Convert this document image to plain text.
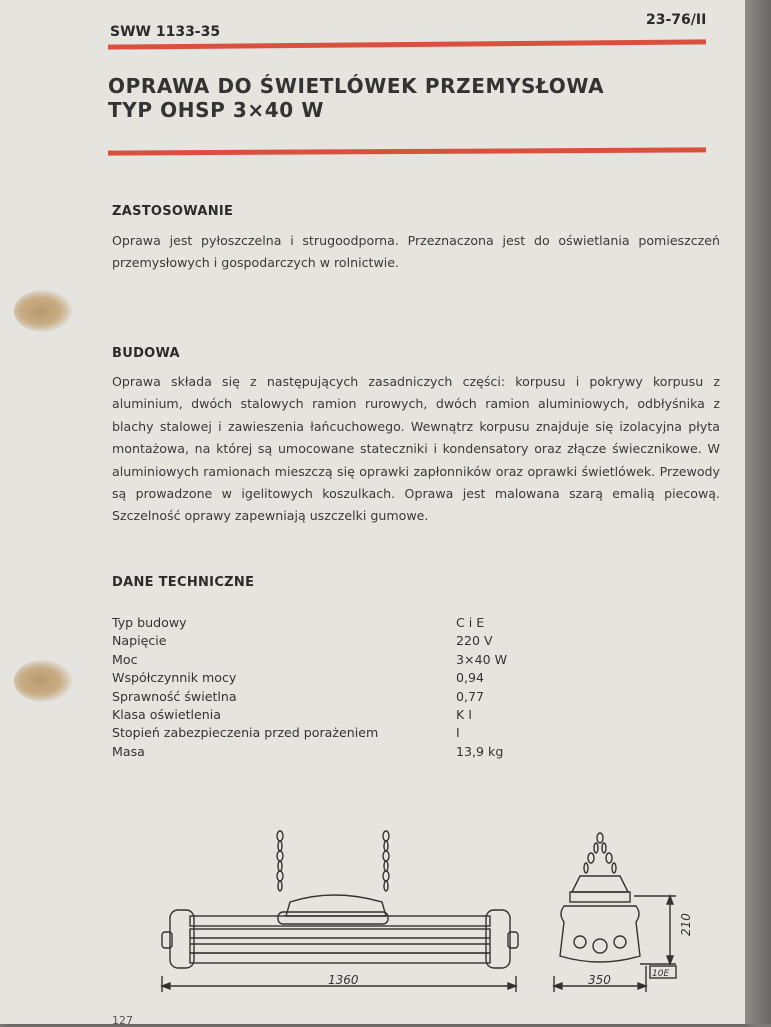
SWW 1133-35
23-76/II
OPRAWA DO ŚWIETLÓWEK PRZEMYSŁOWA
TYP OHSP 3×40 W
ZASTOSOWANIE
Oprawa jest pyłoszczelna i strugoodporna. Przeznaczona jest do oświetlania pomieszczeń przemysłowych i gospodarczych w rolnictwie.
BUDOWA
Oprawa składa się z następujących zasadniczych części: korpusu i pokrywy korpusu z aluminium, dwóch stalowych ramion rurowych, dwóch ramion aluminiowych, odbłyśnika z blachy stalowej i zawieszenia łańcuchowego. Wewnątrz korpusu znajduje się izolacyjna płyta montażowa, na której są umocowane stateczniki i kondensatory oraz złącze świecznikowe. W aluminiowych ramionach mieszczą się oprawki zapłonników oraz oprawki świetlówek. Przewody są prowadzone w igelitowych koszulkach. Oprawa jest malowana szarą emalią piecową. Szczelność oprawy zapewniają uszczelki gumowe.
DANE TECHNICZNE
Typ budowy	C i E
Napięcie	220 V
Moc	3×40 W
Współczynnik mocy	0,94
Sprawność świetlna	0,77
Klasa oświetlenia	K I
Stopień zabezpieczenia przed porażeniem	I
Masa	13,9 kg
1360	350
210
10E
127
